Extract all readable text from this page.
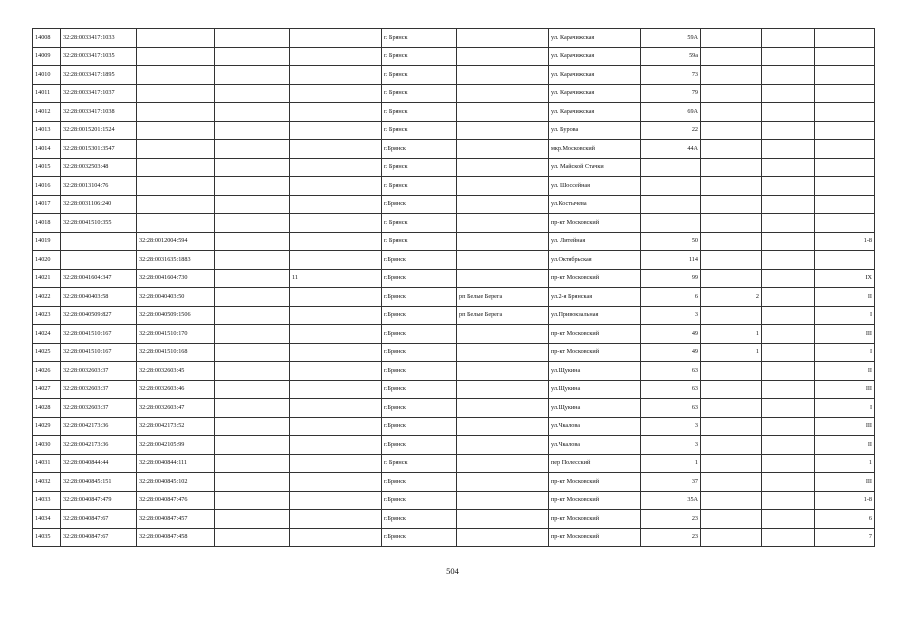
14008	32:28:0033417:1033				г. Брянск		ул. Карачижская	59А			
14009	32:28:0033417:1035				г. Брянск		ул. Карачижская	59а			
14010	32:28:0033417:1895				г. Брянск		ул. Карачижская	73			
14011	32:28:0033417:1037				г. Брянск		ул. Карачижская	79			
14012	32:28:0033417:1038				г. Брянск		ул. Карачижская	69А			
14013	32:28:0015201:1524				г. Брянск		ул. Бурова	22			
14014	32:28:0015301:3547				г.Брянск		мкр.Московский	44А			
14015	32:28:0032503:48				г. Брянск		ул. Майской Стачки				
14016	32:28:0013104:76				г. Брянск		ул. Шоссейная				
14017	32:28:0031106:240				г.Брянск		ул.Костычева				
14018	32:28:0041510:355				г. Брянск		пр-кт Московский				
14019		32:28:0012004:594			г. Брянск		ул. Литейная	50			1-8
14020		32:28:0031635:1883			г.Брянск		ул.Октябрьская	114			
14021	32:28:0041604:347	32:28:0041604:730		11	г.Брянск		пр-кт Московский	99			IX
14022	32:28:0040403:58	32:28:0040403:50			г.Брянск	рп Белые Берега	ул.2-я Брянская	6	2		II
14023	32:28:0040509:827	32:28:0040509:1506			г.Брянск	рп Белые Берега	ул.Привокзальная	3			I
14024	32:28:0041510:167	32:28:0041510:170			г.Брянск		пр-кт Московский	49	1		III
14025	32:28:0041510:167	32:28:0041510:168			г.Брянск		пр-кт Московский	49	1		I
14026	32:28:0032603:37	32:28:0032603:45			г.Брянск		ул.Щукина	63			II
14027	32:28:0032603:37	32:28:0032603:46			г.Брянск		ул.Щукина	63			III
14028	32:28:0032603:37	32:28:0032603:47			г.Брянск		ул.Щукина	63			I
14029	32:28:0042173:36	32:28:0042173:52			г.Брянск		ул.Чкалова	3			III
14030	32:28:0042173:36	32:28:0042105:99			г.Брянск		ул.Чкалова	3			II
14031	32:28:0040844:44	32:28:0040844:111			г. Брянск		пер Полесский	1			1
14032	32:28:0040845:151	32:28:0040845:102			г.Брянск		пр-кт Московский	37			III
14033	32:28:0040847:479	32:28:0040847:476			г.Брянск		пр-кт Московский	35А			1-8
14034	32:28:0040847:67	32:28:0040847:457			г.Брянск		пр-кт Московский	23			6
14035	32:28:0040847:67	32:28:0040847:458			г.Брянск		пр-кт Московский	23			7
504
